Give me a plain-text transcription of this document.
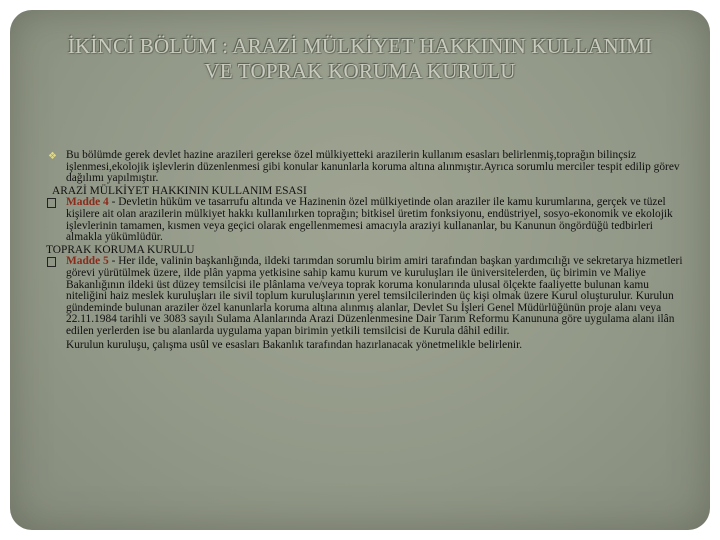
İKİNCİ BÖLÜM : ARAZİ MÜLKİYET HAKKININ KULLANIMI
VE TOPRAK KORUMA KURULU
❖ Bu bölümde gerek devlet hazine arazileri gerekse özel mülkiyetteki arazilerin kullanım esasları belirlenmiş,toprağın bilinçsiz işlenmesi,ekolojik işlevlerin düzenlenmesi gibi konular kanunlarla koruma altına alınmıştır.Ayrıca sorumlu merciler tespit edilip görev dağılımı yapılmıştır.
ARAZİ MÜLKİYET HAKKININ KULLANIM ESASI
Madde 4 - Devletin hüküm ve tasarrufu altında ve Hazinenin özel mülkiyetinde olan araziler ile kamu kurumlarına, gerçek ve tüzel kişilere ait olan arazilerin mülkiyet hakkı kullanılırken toprağın; bitkisel üretim fonksiyonu, endüstriyel, sosyo-ekonomik ve ekolojik işlevlerinin tamamen, kısmen veya geçici olarak engellenmemesi amacıyla araziyi kullananlar, bu Kanunun öngördüğü tedbirleri almakla yükümlüdür.
TOPRAK KORUMA KURULU
Madde 5 - Her ilde, valinin başkanlığında, ildeki tarımdan sorumlu birim amiri tarafından başkan yardımcılığı ve sekretarya hizmetleri görevi yürütülmek üzere, ilde plân yapma yetkisine sahip kamu kurum ve kuruluşları ile üniversitelerden, üç birimin ve Maliye Bakanlığının ildeki üst düzey temsilcisi ile plânlama ve/veya toprak koruma konularında ulusal ölçekte faaliyette bulunan kamu niteliğini haiz meslek kuruluşları ile sivil toplum kuruluşlarının yerel temsilcilerinden üç kişi olmak üzere Kurul oluşturulur. Kurulun gündeminde bulunan araziler özel kanunlarla koruma altına alınmış alanlar, Devlet Su İşleri Genel Müdürlüğünün proje alanı veya 22.11.1984 tarihli ve 3083 sayılı Sulama Alanlarında Arazi Düzenlenmesine Dair Tarım Reformu Kanununa göre uygulama alanı ilân edilen yerlerden ise bu alanlarda uygulama yapan birimin yetkili temsilcisi de Kurula dâhil edilir.
Kurulun kuruluşu, çalışma usûl ve esasları Bakanlık tarafından hazırlanacak yönetmelikle belirlenir.
